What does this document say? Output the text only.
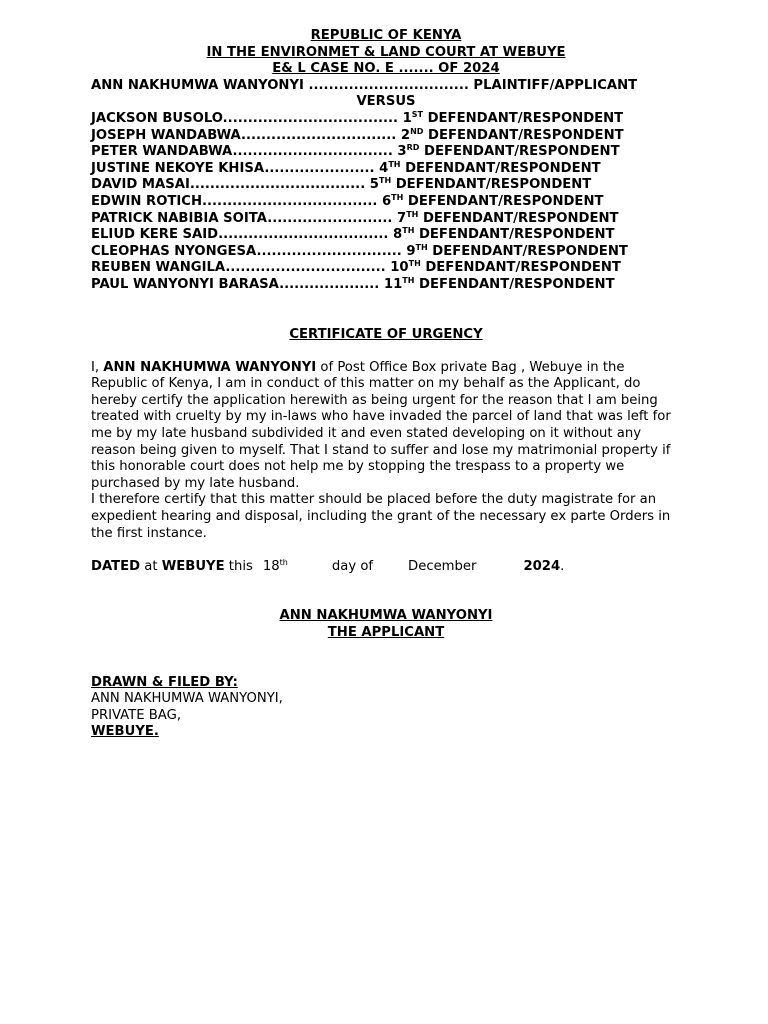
REPUBLIC OF KENYA
IN THE ENVIRONMET & LAND COURT AT WEBUYE
E& L CASE NO. E ....... OF 2024
ANN NAKHUMWA WANYONYI ................................ PLAINTIFF/APPLICANT
VERSUS
JACKSON BUSOLO................................... 1ST DEFENDANT/RESPONDENT
JOSEPH WANDABWA............................... 2ND DEFENDANT/RESPONDENT
PETER WANDABWA................................ 3RD DEFENDANT/RESPONDENT
JUSTINE NEKOYE KHISA...................... 4TH DEFENDANT/RESPONDENT
DAVID MASAI................................... 5TH DEFENDANT/RESPONDENT
EDWIN ROTICH................................... 6TH DEFENDANT/RESPONDENT
PATRICK NABIBIA SOITA......................... 7TH DEFENDANT/RESPONDENT
ELIUD KERE SAID.................................. 8TH DEFENDANT/RESPONDENT
CLEOPHAS NYONGESA............................. 9TH DEFENDANT/RESPONDENT
REUBEN WANGILA................................ 10TH DEFENDANT/RESPONDENT
PAUL WANYONYI BARASA.................... 11TH DEFENDANT/RESPONDENT
CERTIFICATE OF URGENCY
I, ANN NAKHUMWA WANYONYI of Post Office Box private Bag , Webuye in the Republic of Kenya, I am in conduct of this matter on my behalf as the Applicant, do hereby certify the application herewith as being urgent for the reason that I am being treated with cruelty by my in-laws who have invaded the parcel of land that was left for me by my late husband subdivided it and even stated developing on it without any reason being given to myself. That I stand to suffer and lose my matrimonial property if this honorable court does not help me by stopping the trespass to a property we purchased by my late husband.
I therefore certify that this matter should be placed before the duty magistrate for an expedient hearing and disposal, including the grant of the necessary ex parte Orders in the first instance.
DATED at WEBUYE this 18th	day of	December	2024.
ANN NAKHUMWA WANYONYI
THE APPLICANT
DRAWN & FILED BY:
ANN NAKHUMWA WANYONYI,
PRIVATE BAG,
WEBUYE.
